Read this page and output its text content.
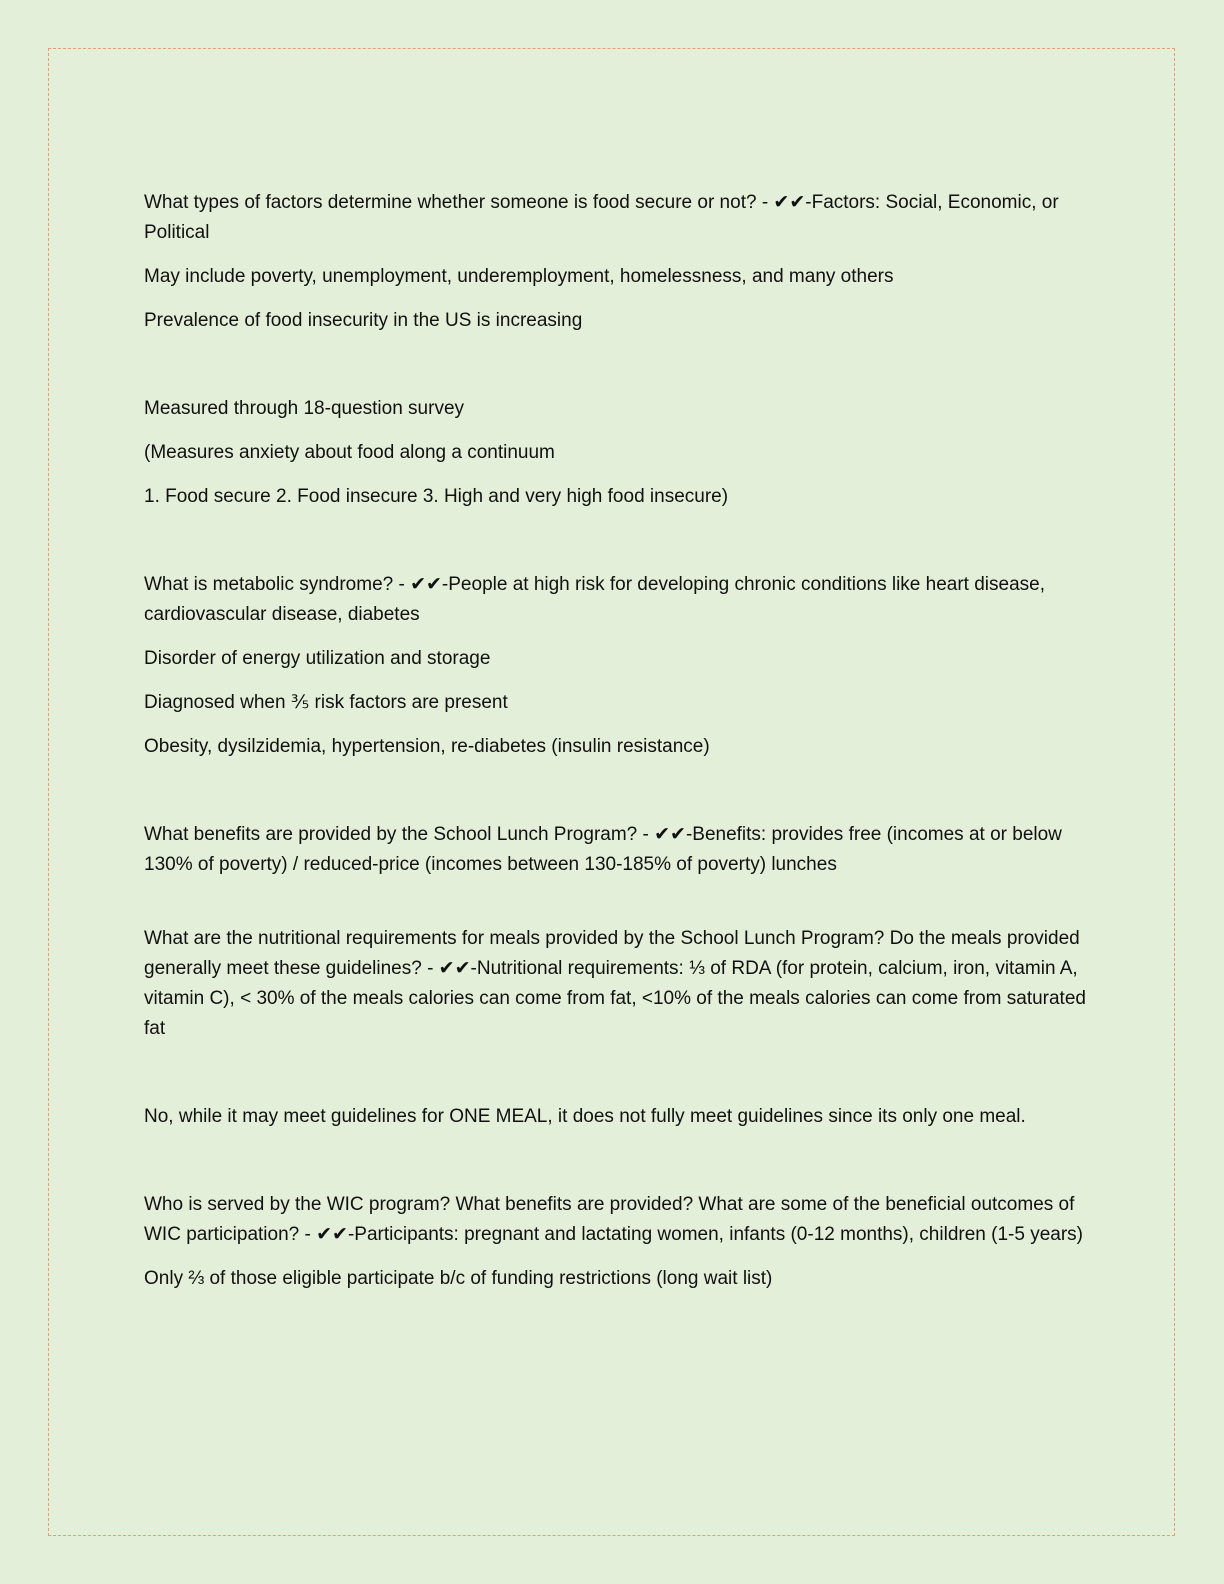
What types of factors determine whether someone is food secure or not? - ✔✔-Factors: Social, Economic, or Political

May include poverty, unemployment, underemployment, homelessness, and many others

Prevalence of food insecurity in the US is increasing

Measured through 18-question survey

(Measures anxiety about food along a continuum

1. Food secure 2. Food insecure 3. High and very high food insecure)

What is metabolic syndrome? - ✔✔-People at high risk for developing chronic conditions like heart disease, cardiovascular disease, diabetes

Disorder of energy utilization and storage

Diagnosed when ⅗ risk factors are present

Obesity, dysilzidemia, hypertension, re-diabetes (insulin resistance)

What benefits are provided by the School Lunch Program? - ✔✔-Benefits: provides free (incomes at or below 130% of poverty) / reduced-price (incomes between 130-185% of poverty) lunches

What are the nutritional requirements for meals provided by the School Lunch Program? Do the meals provided generally meet these guidelines? - ✔✔-Nutritional requirements: ⅓ of RDA (for protein, calcium, iron, vitamin A, vitamin C), < 30% of the meals calories can come from fat, <10% of the meals calories can come from saturated fat

No, while it may meet guidelines for ONE MEAL, it does not fully meet guidelines since its only one meal.

Who is served by the WIC program? What benefits are provided? What are some of the beneficial outcomes of WIC participation? - ✔✔-Participants: pregnant and lactating women, infants (0-12 months), children (1-5 years)

Only ⅔ of those eligible participate b/c of funding restrictions (long wait list)
